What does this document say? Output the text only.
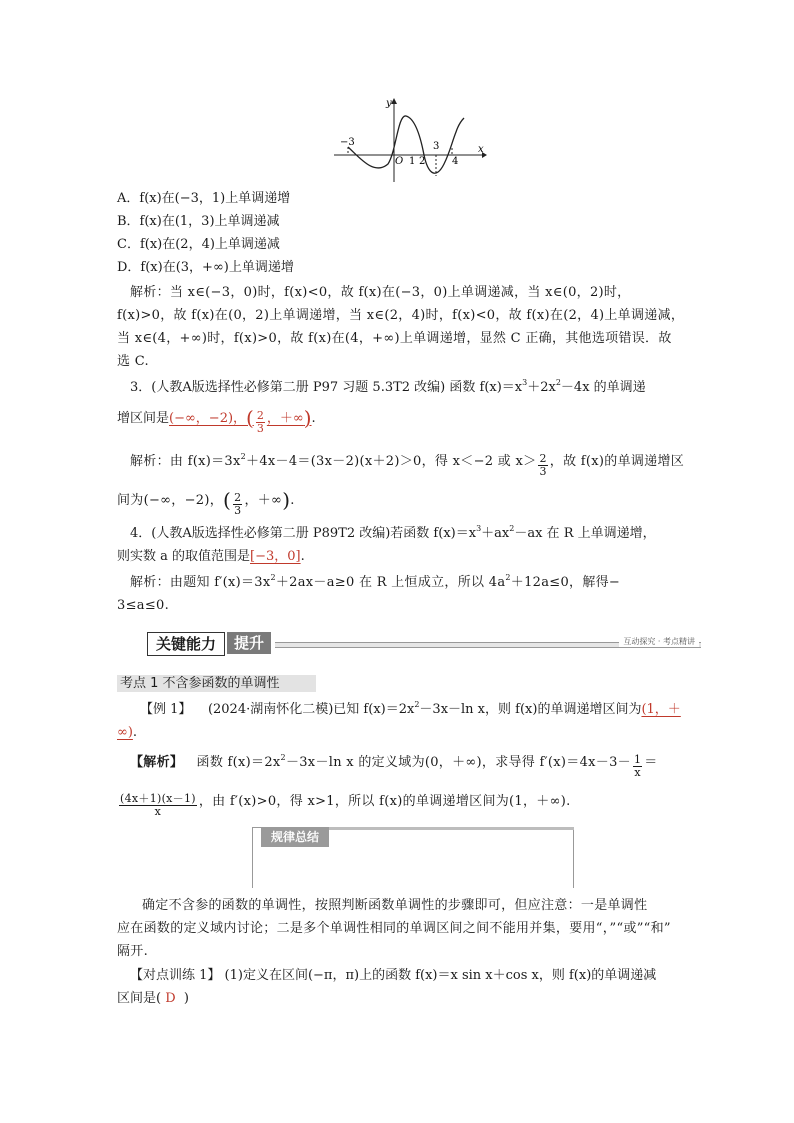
y
x
−3
O 1 2
3
4
A．f(x)在(−3，1)上单调递增
B．f(x)在(1，3)上单调递减
C．f(x)在(2，4)上单调递减
D．f(x)在(3，+∞)上单调递增
解析：当 x∈(−3，0)时，f(x)<0，故 f(x)在(−3，0)上单调递减，当 x∈(0，2)时，
f(x)>0，故 f(x)在(0，2)上单调递增，当 x∈(2，4)时，f(x)<0，故 f(x)在(2，4)上单调递减，
当 x∈(4，+∞)时，f(x)>0，故 f(x)在(4，+∞)上单调递增，显然 C 正确，其他选项错误．故
选 C.
3．(人教A版选择性必修第二册 P97 习题 5.3T2 改编) 函数 $f(x)=x^3+2x^2-4x$ 的单调递
增区间是(−∞，−2)，( $\frac{2}{3}$ ，＋∞).
解析：由 $f(x)=3x^2+4x-4=(3x-2)(x+2)>0$，得 x＜−2 或 $x> \frac{2}{3}$ ，故 f(x)的单调递增区
间为(−∞，−2)，( $\frac{2}{3}$ ，＋∞).
4．(人教A版选择性必修第二册 P89T2 改编)若函数 $f(x)=x^3+ax^2-ax$ 在 R 上单调递增，
则实数 a 的取值范围是[−3，0].
解析：由题知 $f'(x)=3x^2+2ax-a\ge 0$ 在 R 上恒成立，所以 $4a^2+12a\le 0$，解得−
3≤a≤0.
关键能力	提升	互动探究 · 考点精讲
考点 1 不含参函数的单调性
【例 1】 (2024·湖南怀化二模)已知 $f(x)=2x^2-3x-\ln$ x，则 f(x)的单调递增区间为(1，＋
∞).
【解析】 函数 $f(x)=2x^2-3x-\ln$ x 的定义域为(0，＋∞)，求导得 $f'(x)=4x-3- \frac{1}{x}$ ＝
$\frac{(4x+1)(x-1)}{x}$ ，由 f′(x)>0，得 x>1，所以 f(x)的单调递增区间为(1，＋∞).
规律总结
确定不含参的函数的单调性，按照判断函数单调性的步骤即可，但应注意：一是单调性
应在函数的定义域内讨论；二是多个单调性相同的单调区间之间不能用并集，要用“，”“或”“和”
隔开.
【对点训练 1】 (1)定义在区间(−π，π)上的函数 f(x)＝x sin x＋cos x，则 f(x)的单调递减
区间是( D )
